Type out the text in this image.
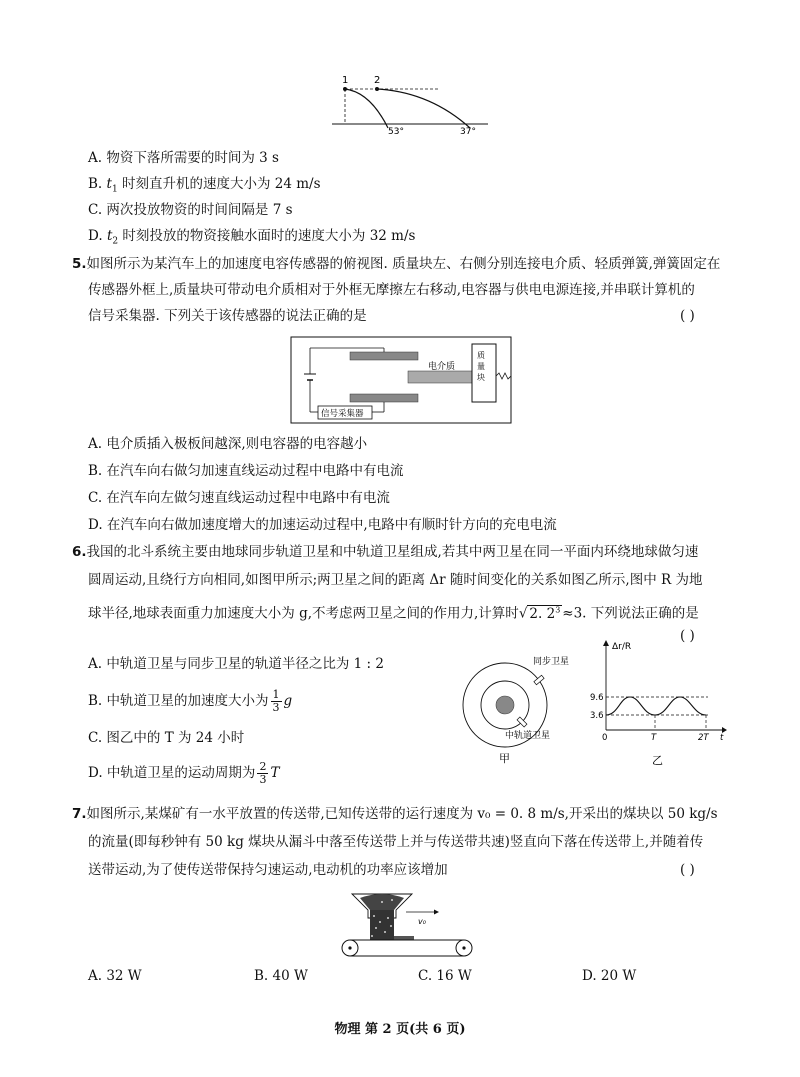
1	2
53°	37°
A. 物资下落所需要的时间为 3 s
B. $t_1$ 时刻直升机的速度大小为 24 m/s
C. 两次投放物资的时间间隔是 7 s
D. $t_2$ 时刻投放的物资接触水面时的速度大小为 32 m/s
5.如图所示为某汽车上的加速度电容传感器的俯视图. 质量块左、右侧分别连接电介质、轻质弹簧,弹簧固定在
传感器外框上,质量块可带动电介质相对于外框无摩擦左右移动,电容器与供电电源连接,并串联计算机的
信号采集器. 下列关于该传感器的说法正确的是	( )
电介质
质量块
信号采集器
A. 电介质插入极板间越深,则电容器的电容越小
B. 在汽车向右做匀加速直线运动过程中电路中有电流
C. 在汽车向左做匀速直线运动过程中电路中有电流
D. 在汽车向右做加速度增大的加速运动过程中,电路中有顺时针方向的充电电流
6.我国的北斗系统主要由地球同步轨道卫星和中轨道卫星组成,若其中两卫星在同一平面内环绕地球做匀速
圆周运动,且绕行方向相同,如图甲所示;两卫星之间的距离 Δr 随时间变化的关系如图乙所示,图中 R 为地
球半径,地球表面重力加速度大小为 g,不考虑两卫星之间的作用力,计算时√ 2. $2^3 \approx 3$. 下列说法正确的是
( )
A. 中轨道卫星与同步卫星的轨道半径之比为 1 : 2
B. 中轨道卫星的加速度大小为 $\frac{1}{3}$ g
C. 图乙中的 T 为 24 小时
D. 中轨道卫星的运动周期为 $\frac{2}{3}$ T
同步卫星
中轨道卫星
甲
Δr/R
9.6
3.6
0	T	2T t
乙
7.如图所示,某煤矿有一水平放置的传送带,已知传送带的运行速度为 v₀ = 0. 8 m/s,开采出的煤块以 50 kg/s
的流量(即每秒钟有 50 kg 煤块从漏斗中落至传送带上并与传送带共速)竖直向下落在传送带上,并随着传
送带运动,为了使传送带保持匀速运动,电动机的功率应该增加	( )
v₀
A. 32 W	B. 40 W	C. 16 W	D. 20 W
物理 第 2 页(共 6 页)
